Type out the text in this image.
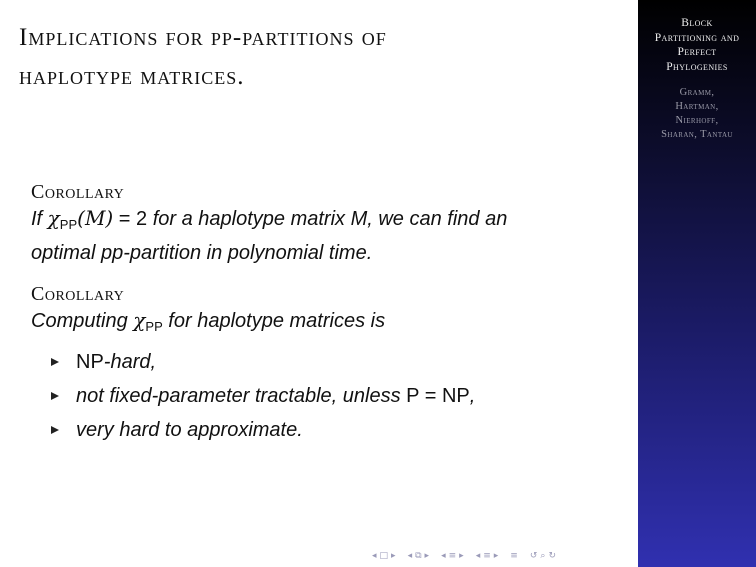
Implications for pp-partitions of
haplotype matrices.
Corollary
If $\chi_{PP}(M) = 2$ for a haplotype matrix M, we can find an
optimal pp-partition in polynomial time.
Corollary
Computing $\chi_{PP}$ for haplotype matrices is
NP-hard,
not fixed-parameter tractable, unless P = NP,
very hard to approximate.
Block
Partitioning and
Perfect
Phylogenies
Gramm,
Hartman,
Nierhoff,
Sharan, Tantau
◂ □ ▸ ◂ ⧉ ▸ ◂ ≡ ▸ ◂ ≡ ▸ ≡ ↺ ⌕ ↻
